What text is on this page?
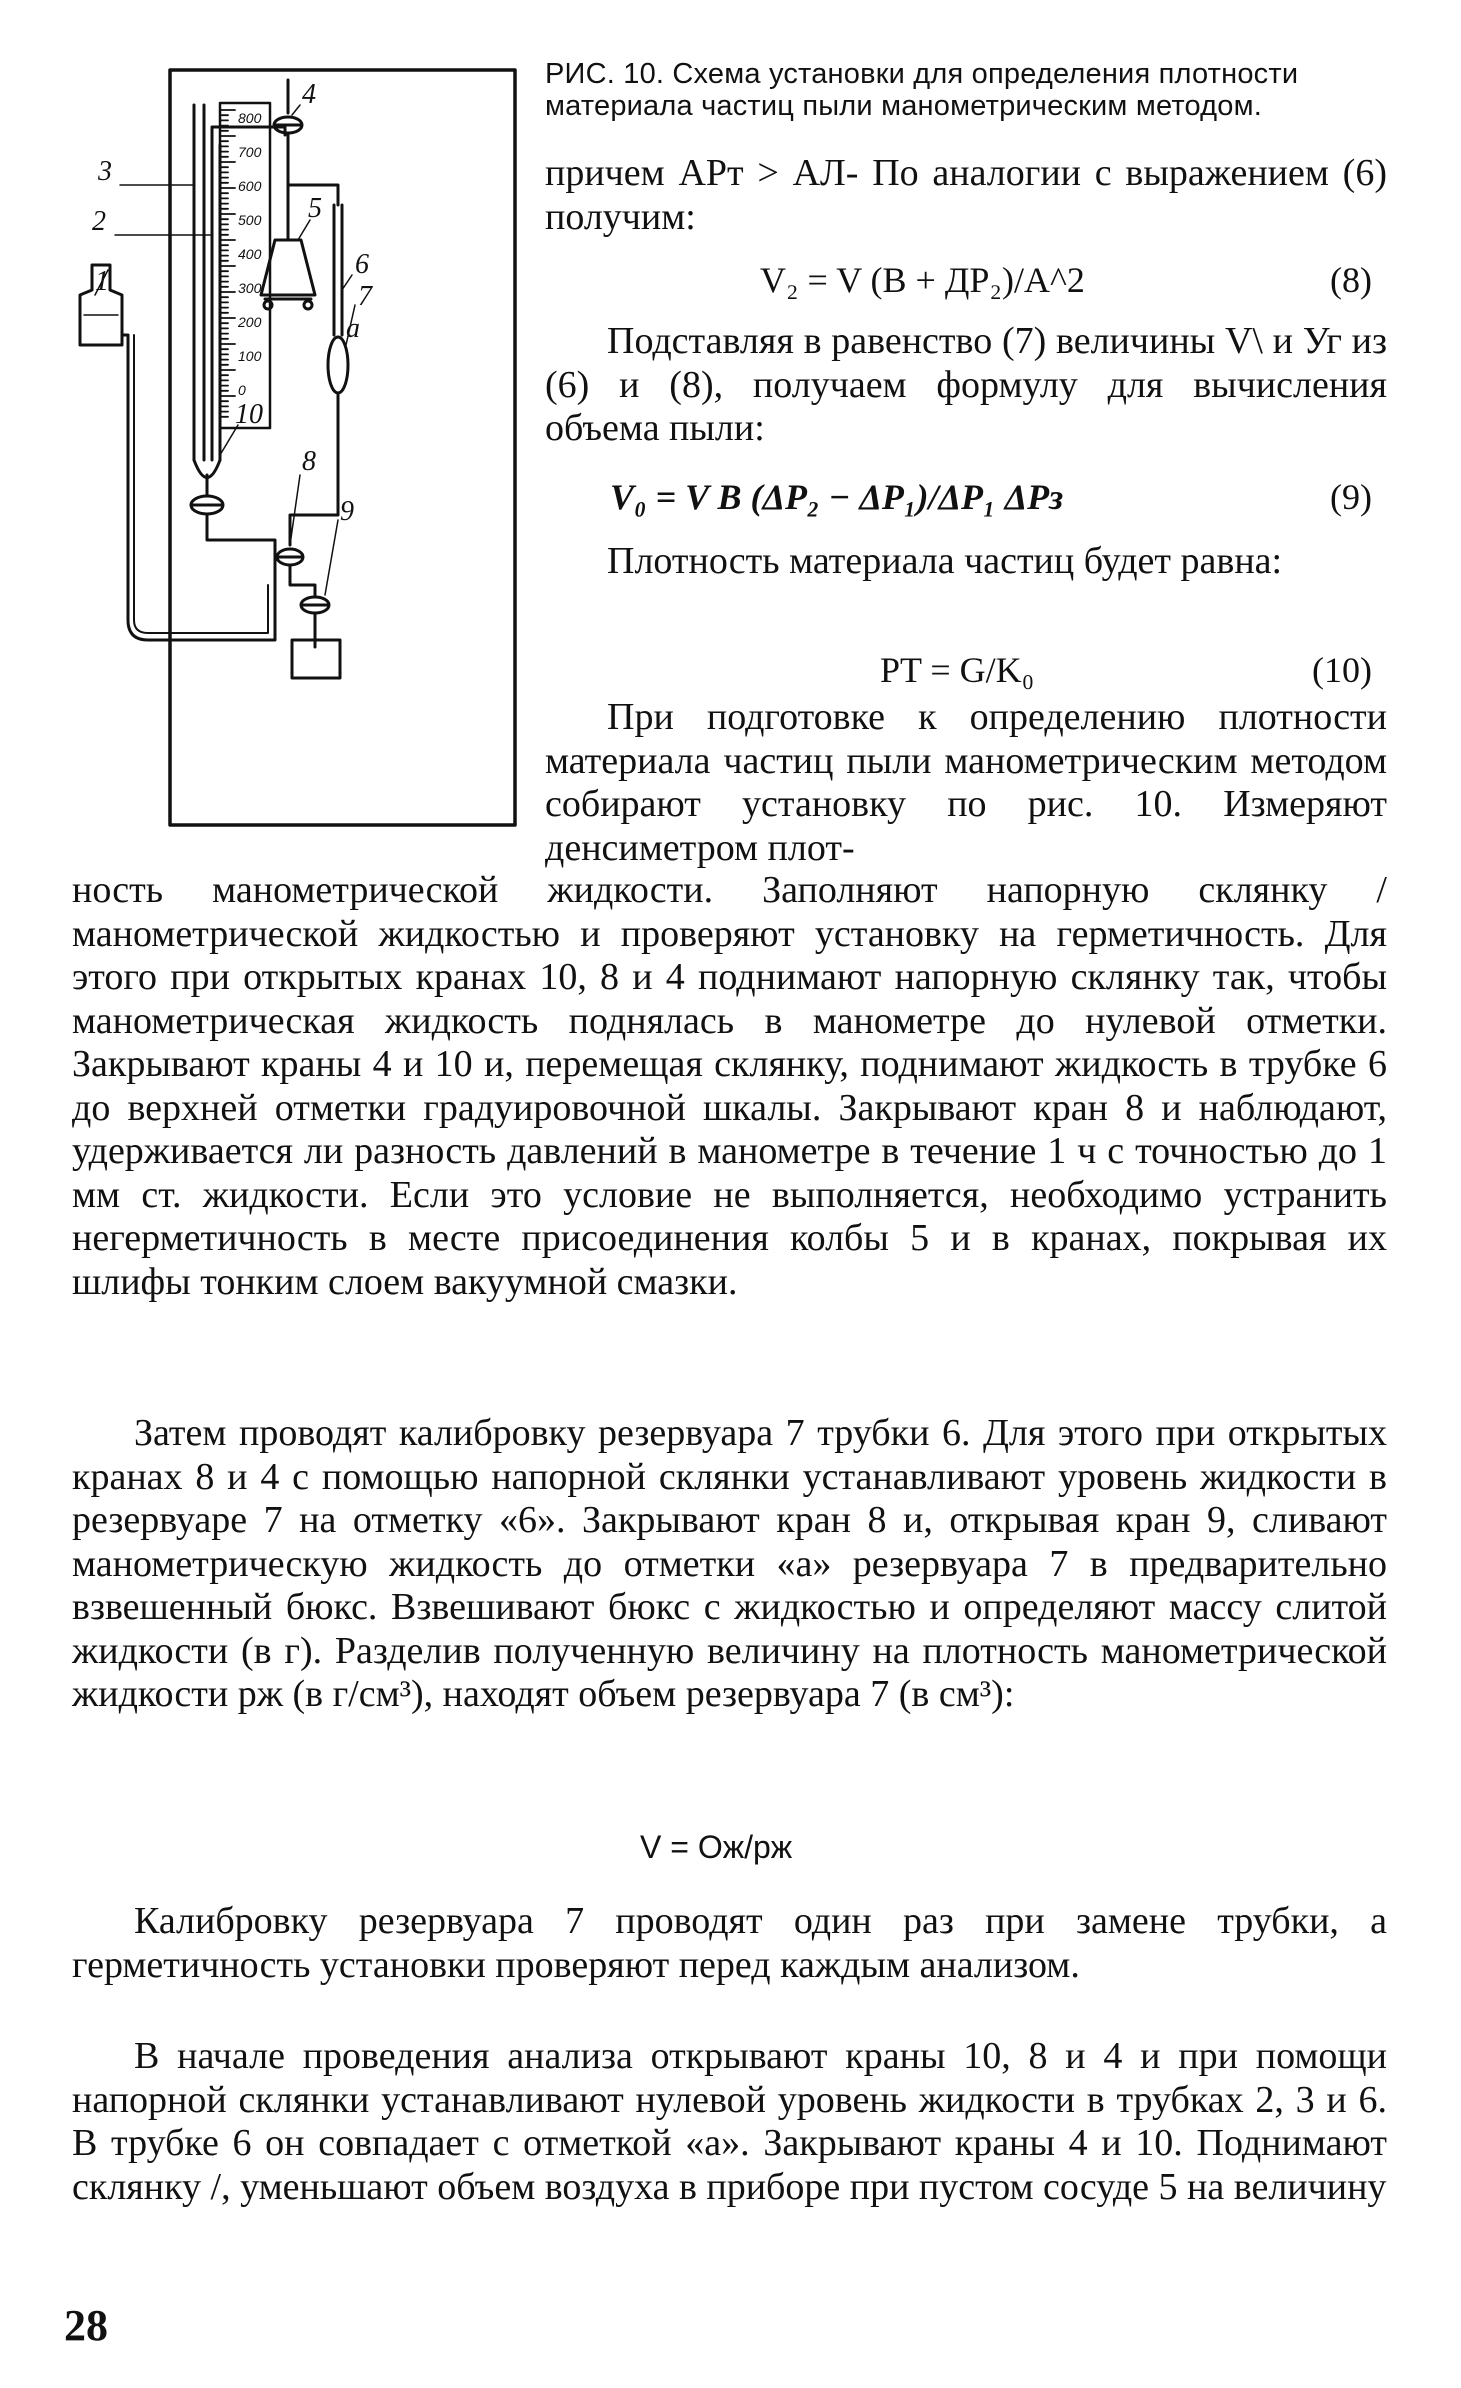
1
2
3
4
5
6
7
a
8
9
10
800
700
600
500
400
300
200
100
0

РИС. 10. Схема установки для определения плотности материала частиц пыли манометрическим методом.

причем АРт > АЛ- По аналогии с выражением (6) получим:

V₂ = V (В + ДР₂)/А^2	(8)

Подставляя в равенство (7) величины V\ и Уг из (6) и (8), получаем формулу для вычисления объема пыли:

V₀ = V B (ΔP₂ − ΔP₁)/ΔP₁ ΔPз	(9)

Плотность материала частиц будет равна:

PT = G/K₀	(10)

При подготовке к определению плотности материала частиц пыли манометрическим методом собирают установку по рис. 10. Измеряют денсиметром плот-

ность манометрической жидкости. Заполняют напорную склянку / манометрической жидкостью и проверяют установку на герметичность. Для этого при открытых кранах 10, 8 и 4 поднимают напорную склянку так, чтобы манометрическая жидкость поднялась в манометре до нулевой отметки. Закрывают краны 4 и 10 и, перемещая склянку, поднимают жидкость в трубке 6 до верхней отметки градуировочной шкалы. Закрывают кран 8 и наблюдают, удерживается ли разность давлений в манометре в течение 1 ч с точностью до 1 мм ст. жидкости. Если это условие не выполняется, необходимо устранить негерметичность в месте присоединения колбы 5 и в кранах, покрывая их шлифы тонким слоем вакуумной смазки.

Затем проводят калибровку резервуара 7 трубки 6. Для этого при открытых кранах 8 и 4 с помощью напорной склянки устанавливают уровень жидкости в резервуаре 7 на отметку «6». Закрывают кран 8 и, открывая кран 9, сливают манометрическую жидкость до отметки «а» резервуара 7 в предварительно взвешенный бюкс. Взвешивают бюкс с жидкостью и определяют массу слитой жидкости (в г). Разделив полученную величину на плотность манометрической жидкости рж (в г/см³), находят объем резервуара 7 (в см³):

V = Ож/рж

Калибровку резервуара 7 проводят один раз при замене трубки, а герметичность установки проверяют перед каждым анализом.

В начале проведения анализа открывают краны 10, 8 и 4 и при помощи напорной склянки устанавливают нулевой уровень жидкости в трубках 2, 3 и 6. В трубке 6 он совпадает с отметкой «а». Закрывают краны 4 и 10. Поднимают склянку /, уменьшают объем воздуха в приборе при пустом сосуде 5 на величину

28
